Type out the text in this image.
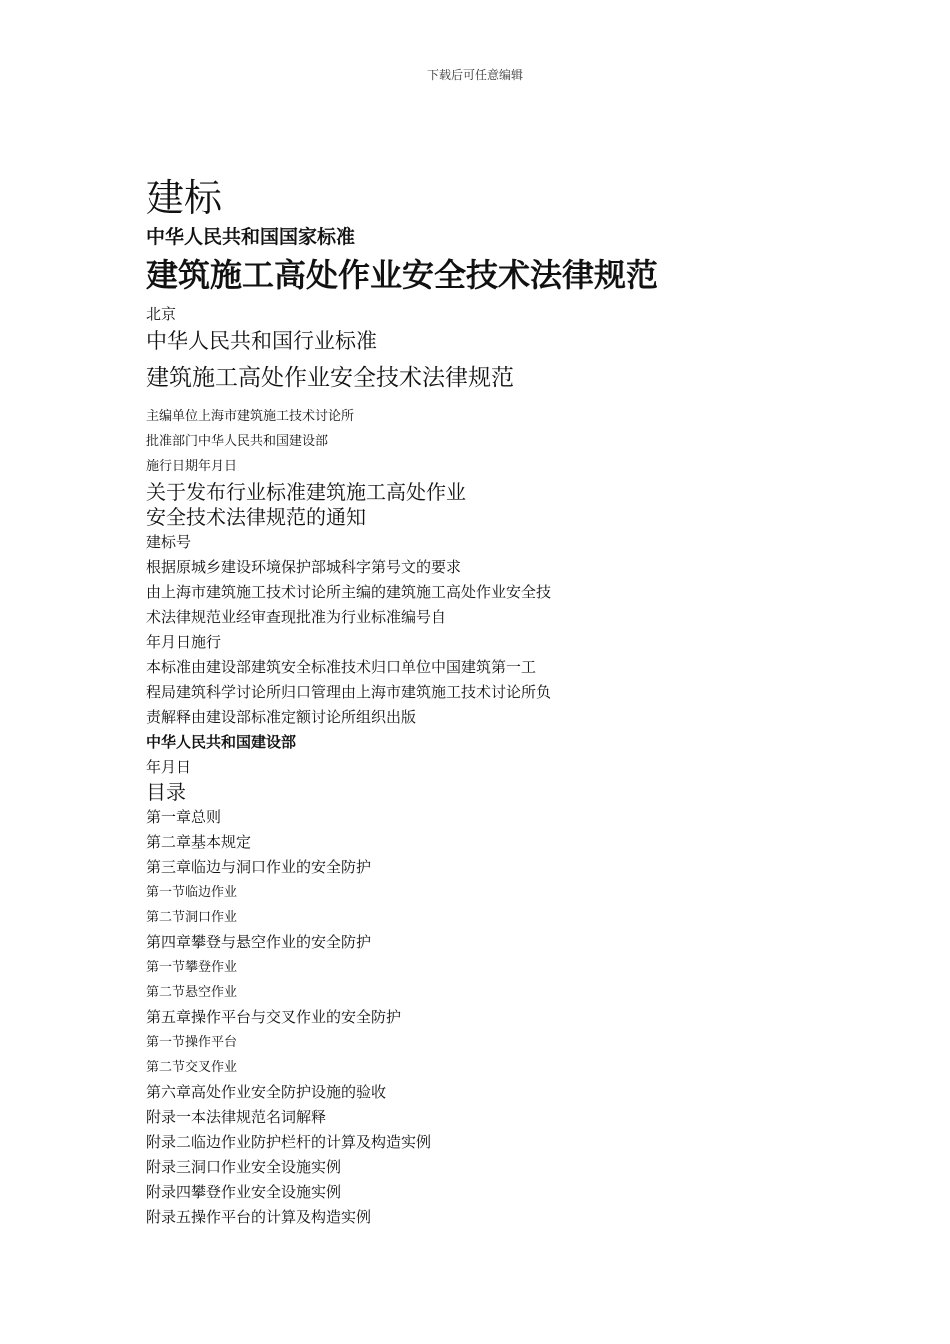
下载后可任意编辑
建标
中华人民共和国国家标准
建筑施工高处作业安全技术法律规范
北京
中华人民共和国行业标准
建筑施工高处作业安全技术法律规范
主编单位上海市建筑施工技术讨论所
批准部门中华人民共和国建设部
施行日期年月日
关于发布行业标准建筑施工高处作业
安全技术法律规范的通知
建标号
根据原城乡建设环境保护部城科字第号文的要求
由上海市建筑施工技术讨论所主编的建筑施工高处作业安全技
术法律规范业经审查现批准为行业标准编号自
年月日施行
本标准由建设部建筑安全标准技术归口单位中国建筑第一工
程局建筑科学讨论所归口管理由上海市建筑施工技术讨论所负
责解释由建设部标准定额讨论所组织出版
中华人民共和国建设部
年月日
目录
第一章总则
第二章基本规定
第三章临边与洞口作业的安全防护
第一节临边作业
第二节洞口作业
第四章攀登与悬空作业的安全防护
第一节攀登作业
第二节悬空作业
第五章操作平台与交叉作业的安全防护
第一节操作平台
第二节交叉作业
第六章高处作业安全防护设施的验收
附录一本法律规范名词解释
附录二临边作业防护栏杆的计算及构造实例
附录三洞口作业安全设施实例
附录四攀登作业安全设施实例
附录五操作平台的计算及构造实例
